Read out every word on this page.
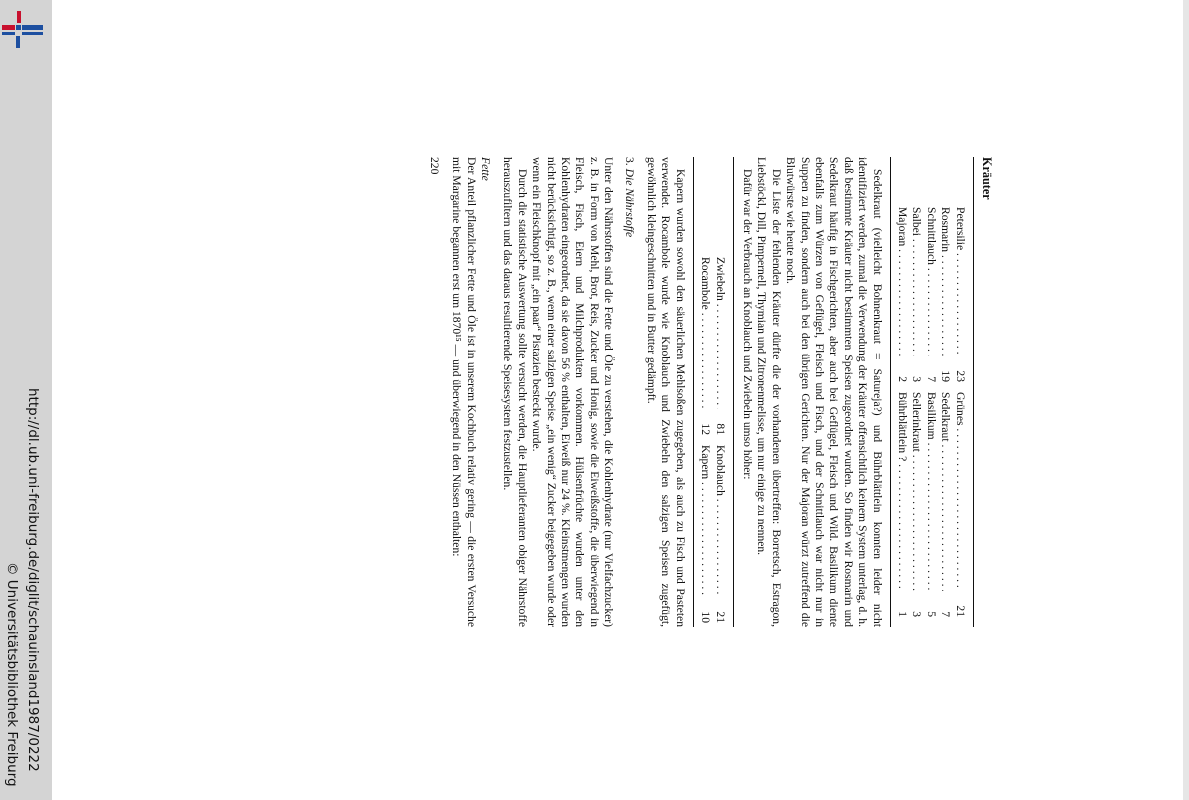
http://dl.ub.uni-freiburg.de/diglit/schauinsland1987/0222
© Universitätsbibliothek Freiburg
Kräuter
Petersilie . . .
23
Grünes . . .
21
Rosmarin . . .
19
Sedelkraut . . .
7
Schnittlauch . . .
7
Basilikum . . .
5
Salbei . . .
3
Sellerinkraut . . .
3
Majoran . . .
2
Bührblättlein ? . . .
1

Sedelkraut (vielleicht Bohnenkraut = Satureja?) und Bührblättlein konnten leider nicht identifiziert werden, zumal die Verwendung der Kräuter offensichtlich keinem System unterlag, d. h. daß bestimmte Kräuter nicht bestimmten Speisen zugeordnet wurden. So finden wir Rosmarin und Sedelkraut häufig in Fischgerichten, aber auch bei Geflügel, Fleisch und Wild. Basilikum diente ebenfalls zum Würzen von Geflügel, Fleisch und Fisch, und der Schnittlauch war nicht nur in Suppen zu finden, sondern auch bei den übrigen Gerichten. Nur der Majoran würzt zutreffend die Blutwürste wie heute noch.

Die Liste der fehlenden Kräuter dürfte die der vorhandenen übertreffen: Borretsch, Estragon, Liebstöckl, Dill, Pimpernell, Thymian und Zitronenmelisse, um nur einige zu nennen.

Dafür war der Verbrauch an Knoblauch und Zwiebeln umso höher:

Zwiebeln . . .
81
Knoblauch . . .
21
Rocambole . . .
12
Kapern . . .
10

Kapern wurden sowohl den säuerlichen Mehlsoßen zugegeben, als auch zu Fisch und Pasteten verwendet. Rocambole wurde wie Knoblauch und Zwiebeln den salzigen Speisen zugefügt, gewöhnlich kleingeschnitten und in Butter gedämpft.

3. Die Nährstoffe

Unter den Nährstoffen sind die Fette und Öle zu verstehen, die Kohlenhydrate (nur Vielfachzucker) z. B. in Form von Mehl, Brot, Reis, Zucker und Honig, sowie die Eiweißstoffe, die überwiegend in Fleisch, Fisch, Eiern und Milchprodukten vorkommen. Hülsenfrüchte wurden unter den Kohlenhydraten eingeordnet, da sie davon 56 % enthalten, Eiweiß nur 24 %. Kleinstmengen wurden nicht berücksichtigt, so z. B., wenn einer salzigen Speise „ein wenig“ Zucker beigegeben wurde oder wenn ein Fleischknopf mit „ein paar“ Pistazien besteckt wurde.

Durch die statistische Auswertung sollte versucht werden, die Hauptlieferanten obiger Nährstoffe herauszufiltern und das daraus resultierende Speisesystem festzustellen.

Fette

Der Anteil pflanzlicher Fette und Öle ist in unserem Kochbuch relativ gering — die ersten Versuche mit Margarine begannen erst um 1870¹⁵ — und überwiegend in den Nüssen enthalten:

220
